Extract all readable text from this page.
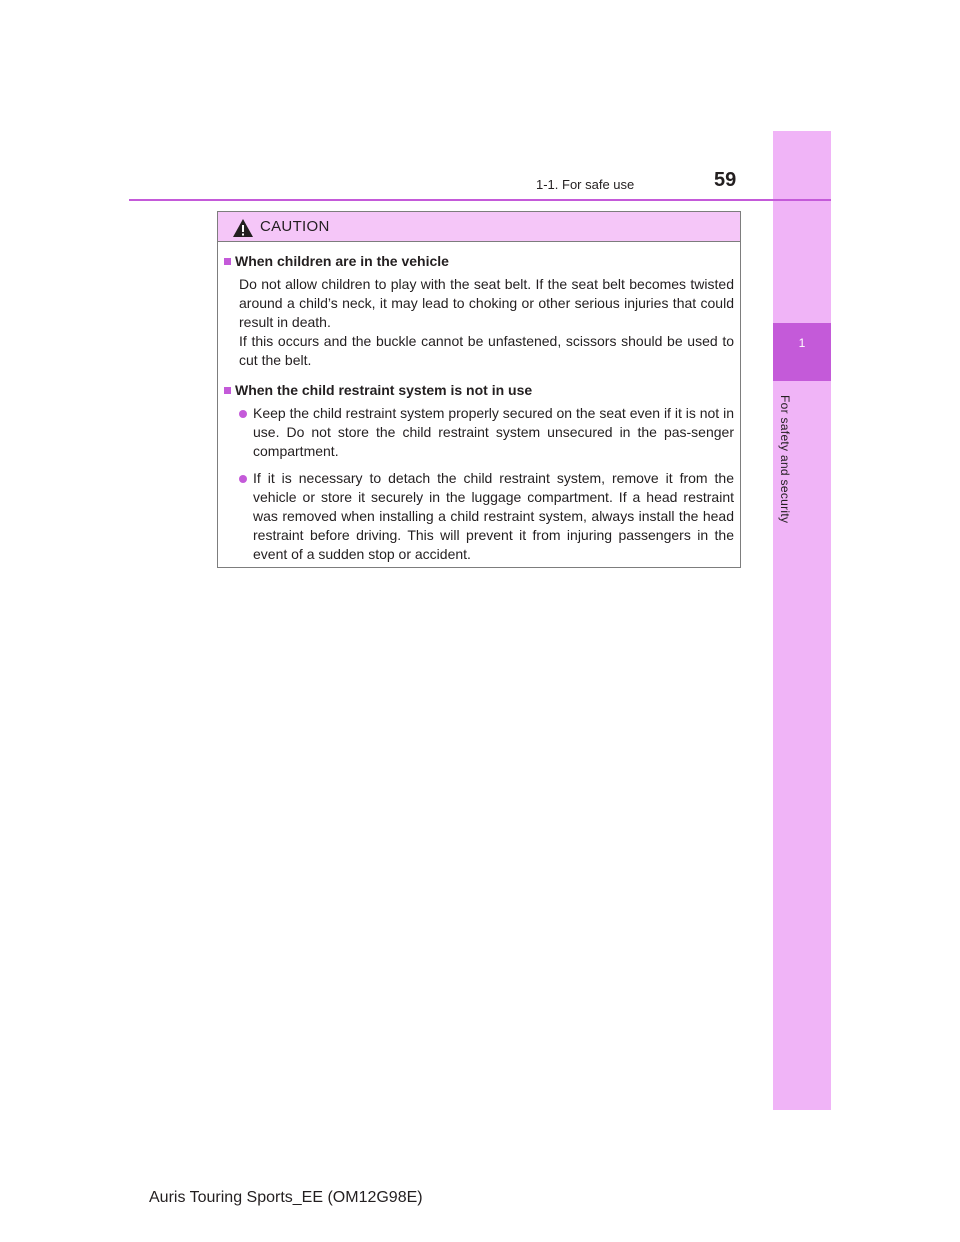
1
For safety and security
1-1. For safe use	59
CAUTION
When children are in the vehicle
Do not allow children to play with the seat belt. If the seat belt becomes twisted around a child’s neck, it may lead to choking or other serious injuries that could result in death.
If this occurs and the buckle cannot be unfastened, scissors should be used to cut the belt.
When the child restraint system is not in use
Keep the child restraint system properly secured on the seat even if it is not in use. Do not store the child restraint system unsecured in the pas-senger compartment.
If it is necessary to detach the child restraint system, remove it from the vehicle or store it securely in the luggage compartment. If a head restraint was removed when installing a child restraint system, always install the head restraint before driving. This will prevent it from injuring passengers in the event of a sudden stop or accident.
Auris Touring Sports_EE (OM12G98E)
